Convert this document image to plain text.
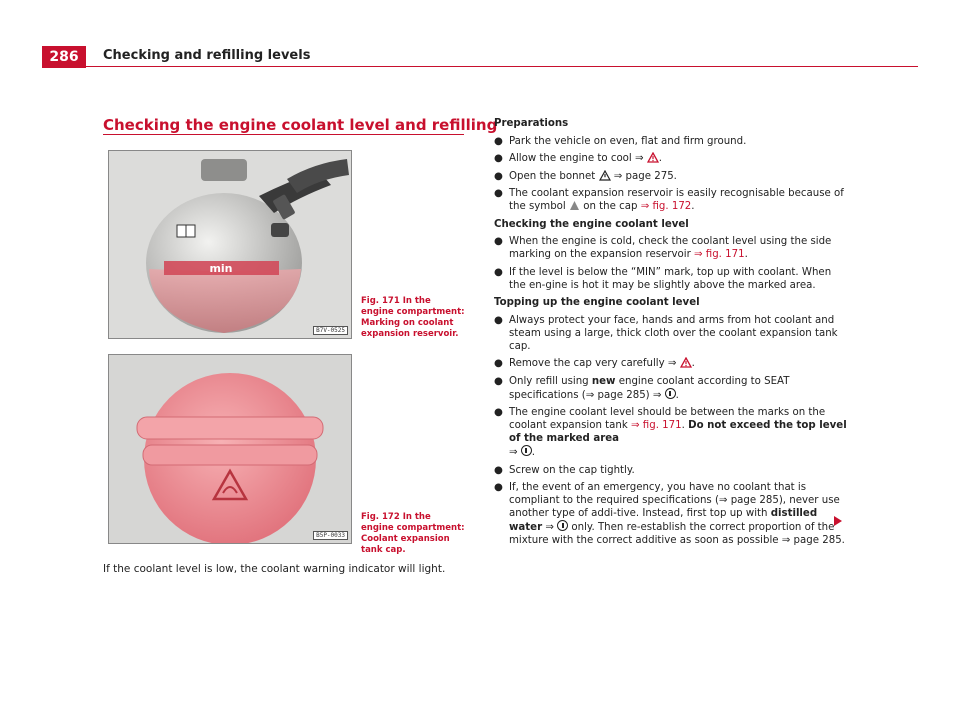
286	Checking and refilling levels
Checking the engine coolant level and refilling
min
B7V-0525
Fig. 171 In the engine compartment: Marking on coolant expansion reservoir.
B5P-0033
Fig. 172 In the engine compartment: Coolant expansion tank cap.
If the coolant level is low, the coolant warning indicator will light.

Preparations

● Park the vehicle on even, flat and firm ground.

● Allow the engine to cool ⇒ .

● Open the bonnet ⇒ page 275.

● The coolant expansion reservoir is easily recognisable because of the symbol on the cap ⇒ fig. 172.

Checking the engine coolant level

● When the engine is cold, check the coolant level using the side marking on the expansion reservoir ⇒ fig. 171.

● If the level is below the “MIN” mark, top up with coolant. When the en-gine is hot it may be slightly above the marked area.

Topping up the engine coolant level

● Always protect your face, hands and arms from hot coolant and steam using a large, thick cloth over the coolant expansion tank cap.

● Remove the cap very carefully ⇒ .

● Only refill using new engine coolant according to SEAT specifications (⇒ page 285) ⇒ .

● The engine coolant level should be between the marks on the coolant expansion tank ⇒ fig. 171. Do not exceed the top level of the marked area
⇒ .

● Screw on the cap tightly.

● If, the event of an emergency, you have no coolant that is compliant to the required specifications (⇒ page 285), never use another type of addi-tive. Instead, first top up with distilled water ⇒ only. Then re-establish the correct proportion of the mixture with the correct additive as soon as possible ⇒ page 285.
